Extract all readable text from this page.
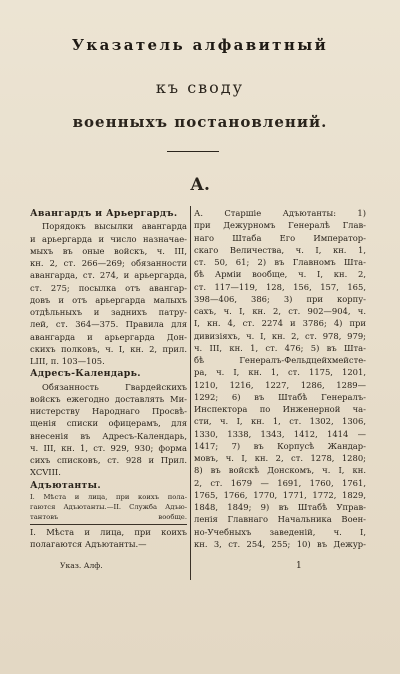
Указатель алфавитный
къ своду
военныхъ постановлений.
А.
Авангардъ и Арьергардъ.
Порядокъ высылки авангарда
и арьергарда и число назначае-
мыхъ въ оные войскъ, ч. III,
кн. 2, ст. 266—269; обязанности
авангарда, ст. 274, и арьергарда,
ст. 275; посылка отъ авангар-
довъ и отъ арьергарда малыхъ
отдѣльныхъ и заднихъ патру-
лей, ст. 364—375. Правила для
авангарда и арьергарда Дон-
скихъ полковъ, ч. I, кн. 2, прил.
LIII, п. 103—105.
Адресъ-Календарь.
Обязанность Гвардейскихъ
войскъ ежегодно доставлять Ми-
нистерству Народнаго Просвѣ-
щенія списки офицерамъ, для
внесенія въ Адресъ-Календарь,
ч. III, кн. 1, ст. 929, 930; форма
сихъ списковъ, ст. 928 и Прил.
XCVIII.
Адъютанты.
I. Мѣста и лица, при коихъ пола-
гаются Адъютанты.—II. Служба Адъю-
тантовъ вообще.
I. Мѣста и лица, при коихъ
полагаются Адъютанты.—
А. Старшіе Адъютанты: 1)
при Дежурномъ Генералѣ Глав-
наго Штаба Его Император-
скаго Величества, ч. I, кн. 1,
ст. 50, 61; 2) въ Главномъ Шта-
бѣ Арміи вообще, ч. I, кн. 2,
ст. 117—119, 128, 156, 157, 165,
398—406, 386; 3) при корпу-
сахъ, ч. I, кн. 2, ст. 902—904, ч.
I, кн. 4, ст. 2274 и 3786; 4) при
дивизіяхъ, ч. I, кн. 2, ст. 978, 979;
ч. III, кн. 1, ст. 476; 5) въ Шта-
бѣ Генералъ-Фельдцейхмейсте-
ра, ч. I, кн. 1, ст. 1175, 1201,
1210, 1216, 1227, 1286, 1289—
1292; 6) въ Штабѣ Генералъ-
Инспектора по Инженерной ча-
сти, ч. I, кн. 1, ст. 1302, 1306,
1330, 1338, 1343, 1412, 1414 —
1417; 7) въ Корпусѣ Жандар-
мовъ, ч. I, кн. 2, ст. 1278, 1280;
8) въ войскѣ Донскомъ, ч. I, кн.
2, ст. 1679 — 1691, 1760, 1761,
1765, 1766, 1770, 1771, 1772, 1829,
1848, 1849; 9) въ Штабѣ Управ-
ленія Главнаго Начальника Воен-
но-Учебныхъ заведеній, ч. I,
кн. 3, ст. 254, 255; 10) въ Дежур-
Указ. Алф.	1
